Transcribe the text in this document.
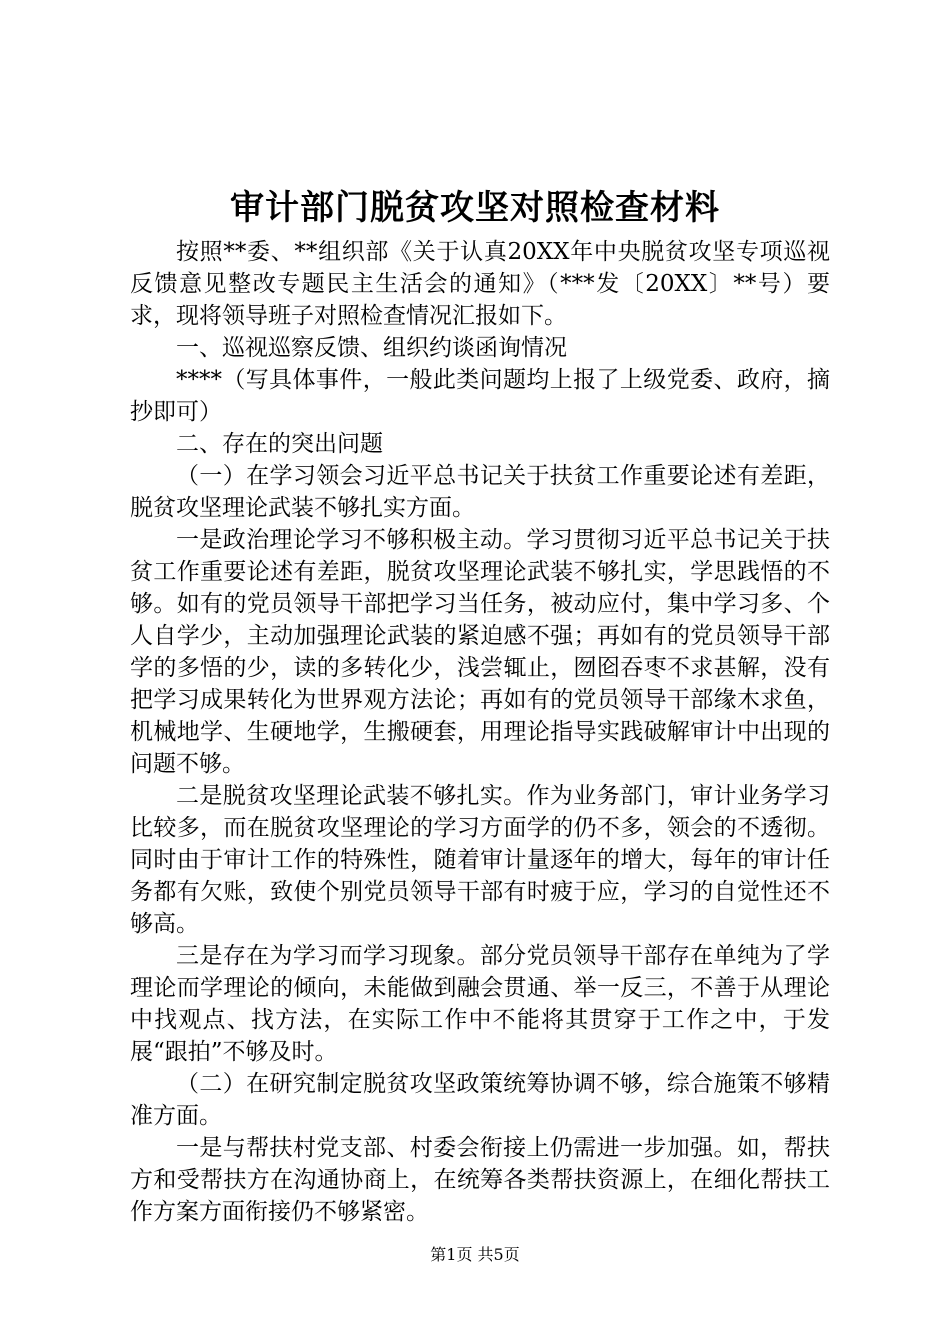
审计部门脱贫攻坚对照检查材料

按照**委、**组织部《关于认真20XX年中央脱贫攻坚专项巡视反馈意见整改专题民主生活会的通知》（***发〔20XX〕**号）要求，现将领导班子对照检查情况汇报如下。

一、巡视巡察反馈、组织约谈函询情况

****（写具体事件，一般此类问题均上报了上级党委、政府，摘抄即可）

二、存在的突出问题

（一）在学习领会习近平总书记关于扶贫工作重要论述有差距，脱贫攻坚理论武装不够扎实方面。

一是政治理论学习不够积极主动。学习贯彻习近平总书记关于扶贫工作重要论述有差距，脱贫攻坚理论武装不够扎实，学思践悟的不够。如有的党员领导干部把学习当任务，被动应付，集中学习多、个人自学少，主动加强理论武装的紧迫感不强；再如有的党员领导干部学的多悟的少，读的多转化少，浅尝辄止，囫囵吞枣不求甚解，没有把学习成果转化为世界观方法论；再如有的党员领导干部缘木求鱼，机械地学、生硬地学，生搬硬套，用理论指导实践破解审计中出现的问题不够。

二是脱贫攻坚理论武装不够扎实。作为业务部门，审计业务学习比较多，而在脱贫攻坚理论的学习方面学的仍不多，领会的不透彻。同时由于审计工作的特殊性，随着审计量逐年的增大，每年的审计任务都有欠账，致使个别党员领导干部有时疲于应，学习的自觉性还不够高。

三是存在为学习而学习现象。部分党员领导干部存在单纯为了学理论而学理论的倾向，未能做到融会贯通、举一反三，不善于从理论中找观点、找方法，在实际工作中不能将其贯穿于工作之中，于发展“跟拍”不够及时。

（二）在研究制定脱贫攻坚政策统筹协调不够，综合施策不够精准方面。

一是与帮扶村党支部、村委会衔接上仍需进一步加强。如，帮扶方和受帮扶方在沟通协商上，在统筹各类帮扶资源上，在细化帮扶工作方案方面衔接仍不够紧密。

第1页 共5页
